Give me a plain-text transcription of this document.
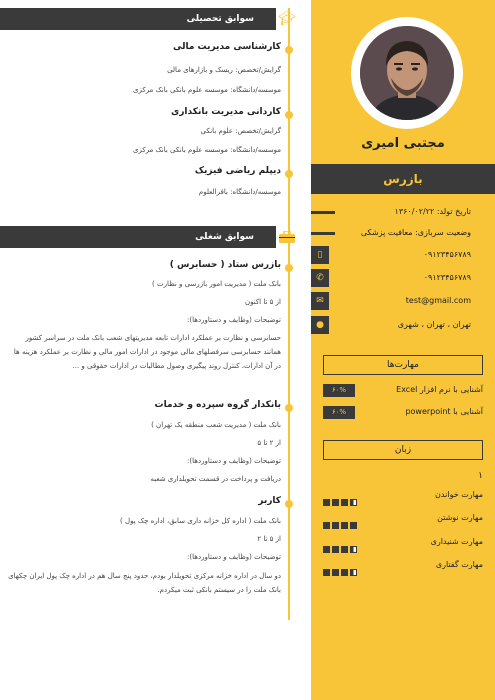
مجتبی امیری
بازرس
تاریخ تولد: ۱۳۶۰/۰۲/۲۲
وضعیت سربازی: معافیت پزشکی
▯	۰۹۱۲۳۴۵۶۷۸۹
✆	۰۹۱۲۳۴۵۶۷۸۹
✉	test@gmail.com
●	تهران ، تهران ، شهری
مهارت‌ها
۶۰%	آشنایی با نرم افزار Excel
۶۰%	آشنایی با powerpoint
زبان
۱
مهارت خواندن
مهارت نوشتن
مهارت شنیداری
مهارت گفتاری
سوابق تحصیلی	🎓︎
کارشناسی مدیریت مالی
گرایش/تخصص: ریسک و بازارهای مالی
موسسه/دانشگاه: موسسه علوم بانکی بانک مرکزی
کاردانی مدیریت بانکداری
گرایش/تخصص: علوم بانکی
موسسه/دانشگاه: موسسه علوم بانکی بانک مرکزی
دیپلم ریاضی فیزیک
موسسه/دانشگاه: باقرالعلوم
سوابق شغلی
بازرس ستاد ( حسابرس )
بانک ملت ( مدیریت امور بازرسی و نظارت )
از ۵ تا اکنون
توضیحات (وظایف و دستاوردها):
حسابرسی و نظارت بر عملکرد ادارات تابعه مدیریتهای شعب بانک ملت در سراسر کشور همانند حسابرسی سرفصلهای مالی موجود در ادارات امور مالی و نظارت بر عملکرد هزینه ها در آن ادارات، کنترل روند پیگیری وصول مطالبات در ادارات حقوقی و ...
بانکدار گروه سپرده و خدمات
بانک ملت ( مدیریت شعب منطقه یک تهران )
از ۲ تا ۵
توضیحات (وظایف و دستاوردها):
دریافت و پرداخت در قسمت تحویلداری شعبه
کاربر
بانک ملت ( اداره کل خزانه داری سابق، اداره چک پول )
از ۵ تا ۲
توضیحات (وظایف و دستاوردها):
دو سال در اداره خزانه مرکزی تحویلدار بودم، حدود پنج سال هم در اداره چک پول ایران چکهای بانک ملت را در سیستم بانکی ثبت میکردم.
